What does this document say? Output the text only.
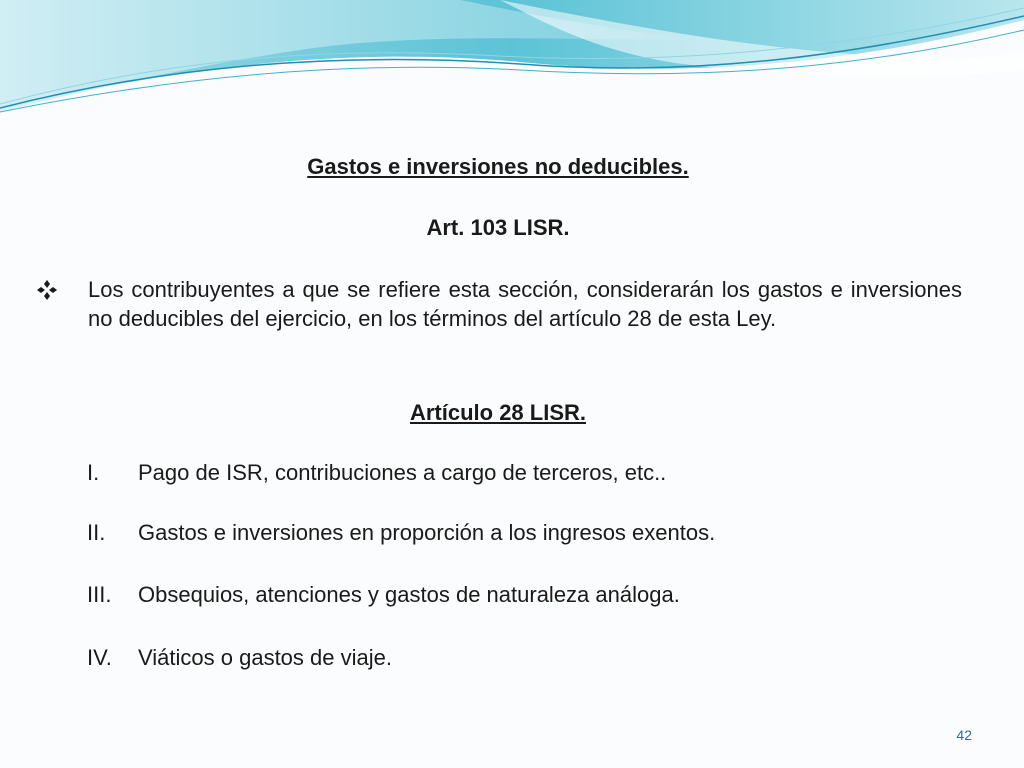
Gastos e inversiones no deducibles.
Art. 103 LISR.
Los contribuyentes a que se refiere esta sección, considerarán los gastos e inversiones no deducibles del ejercicio, en los términos del artículo 28 de esta Ley.
Artículo 28 LISR.
I.	Pago de ISR, contribuciones a cargo de terceros, etc..
II.	Gastos e inversiones en proporción a los ingresos exentos.
III.	Obsequios, atenciones y gastos de naturaleza análoga.
IV.	Viáticos o gastos de viaje.
42
